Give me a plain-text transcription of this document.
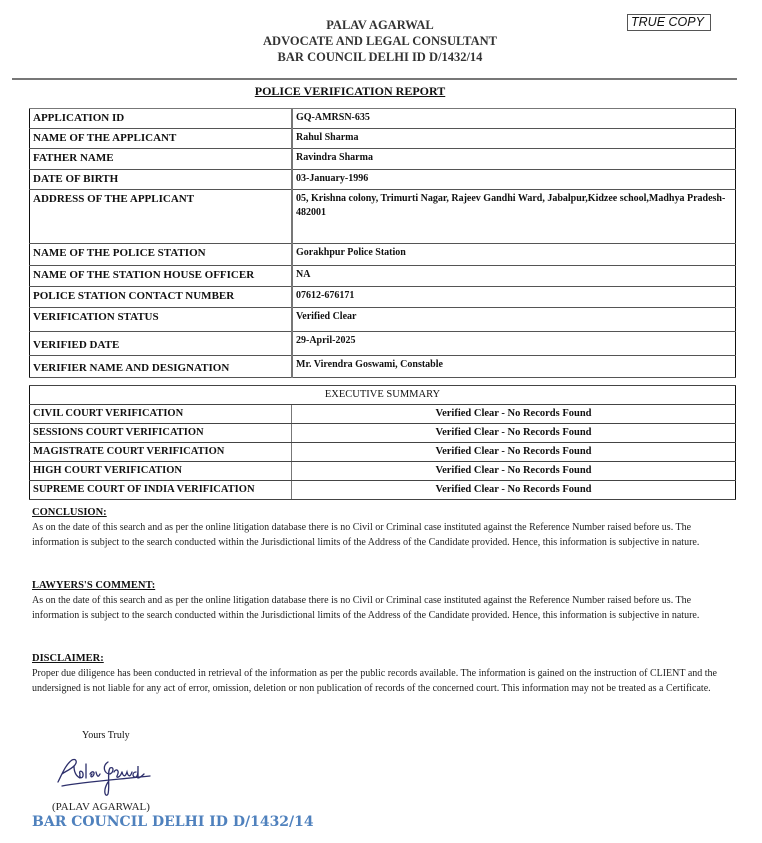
PALAV AGARWAL
ADVOCATE AND LEGAL CONSULTANT
BAR COUNCIL DELHI ID D/1432/14
TRUE COPY
POLICE VERIFICATION REPORT
APPLICATION ID	GQ-AMRSN-635
NAME OF THE APPLICANT	Rahul Sharma
FATHER NAME	Ravindra Sharma
DATE OF BIRTH	03-January-1996
ADDRESS OF THE APPLICANT	05, Krishna colony, Trimurti Nagar, Rajeev Gandhi Ward, Jabalpur,Kidzee school,Madhya Pradesh-482001
NAME OF THE POLICE STATION	Gorakhpur Police Station
NAME OF THE STATION HOUSE OFFICER	NA
POLICE STATION CONTACT NUMBER	07612-676171
VERIFICATION STATUS	Verified Clear
VERIFIED DATE	29-April-2025
VERIFIER NAME AND DESIGNATION	Mr. Virendra Goswami, Constable
EXECUTIVE SUMMARY	
CIVIL COURT VERIFICATION	Verified Clear - No Records Found
SESSIONS COURT VERIFICATION	Verified Clear - No Records Found
MAGISTRATE COURT VERIFICATION	Verified Clear - No Records Found
HIGH COURT VERIFICATION	Verified Clear - No Records Found
SUPREME COURT OF INDIA VERIFICATION	Verified Clear - No Records Found
CONCLUSION:
As on the date of this search and as per the online litigation database there is no Civil or Criminal case instituted against the Reference Number raised before us. The information is subject to the search conducted within the Jurisdictional limits of the Address of the Candidate provided. Hence, this information is subjective in nature.
LAWYERS'S COMMENT:
As on the date of this search and as per the online litigation database there is no Civil or Criminal case instituted against the Reference Number raised before us. The information is subject to the search conducted within the Jurisdictional limits of the Address of the Candidate provided. Hence, this information is subjective in nature.
DISCLAIMER:
Proper due diligence has been conducted in retrieval of the information as per the public records available. The information is gained on the instruction of CLIENT and the undersigned is not liable for any act of error, omission, deletion or non publication of records of the concerned court. This information may not be treated as a Certificate.
Yours Truly
(PALAV AGARWAL)
BAR COUNCIL DELHI ID D/1432/14
